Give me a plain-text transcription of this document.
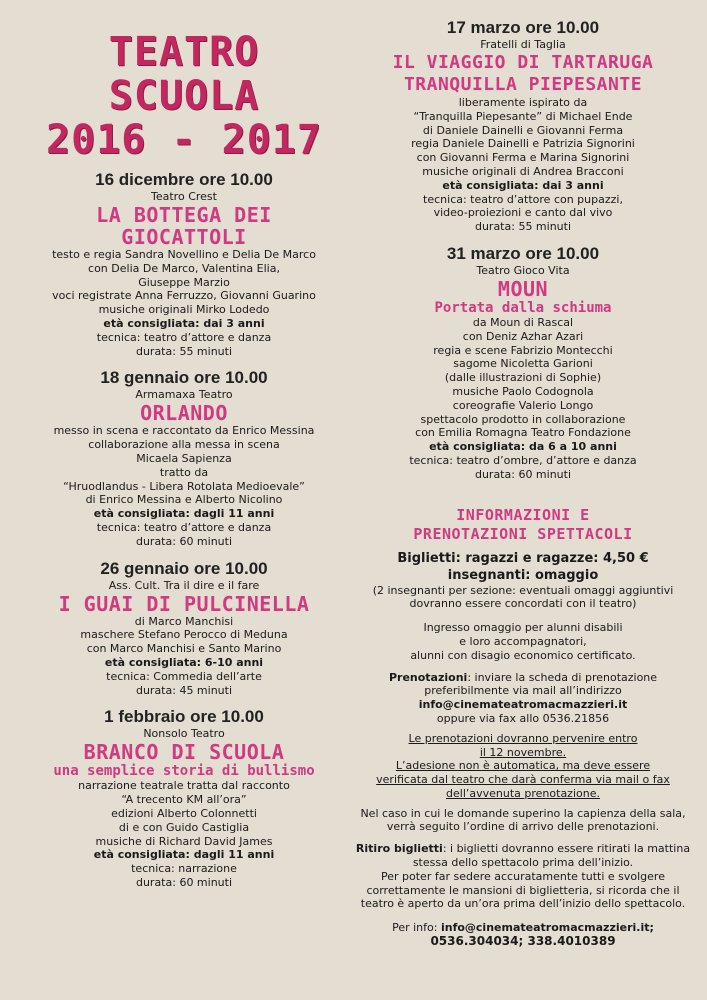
TEATRO
SCUOLA
2016 - 2017
16 dicembre ore 10.00
Teatro Crest
LA BOTTEGA DEI
GIOCATTOLI
testo e regia Sandra Novellino e Delia De Marco
con Delia De Marco, Valentina Elia,
Giuseppe Marzio
voci registrate Anna Ferruzzo, Giovanni Guarino
musiche originali Mirko Lodedo
età consigliata: dai 3 anni
tecnica: teatro d’attore e danza
durata: 55 minuti
18 gennaio ore 10.00
Armamaxa Teatro
ORLANDO
messo in scena e raccontato da Enrico Messina
collaborazione alla messa in scena
Micaela Sapienza
tratto da
“Hruodlandus - Libera Rotolata Medioevale”
di Enrico Messina e Alberto Nicolino
età consigliata: dagli 11 anni
tecnica: teatro d’attore e danza
durata: 60 minuti
26 gennaio ore 10.00
Ass. Cult. Tra il dire e il fare
I GUAI DI PULCINELLA
di Marco Manchisi
maschere Stefano Perocco di Meduna
con Marco Manchisi e Santo Marino
età consigliata: 6-10 anni
tecnica: Commedia dell’arte
durata: 45 minuti
1 febbraio ore 10.00
Nonsolo Teatro
BRANCO DI SCUOLA
una semplice storia di bullismo
narrazione teatrale tratta dal racconto
“A trecento KM all’ora”
edizioni Alberto Colonnetti
di e con Guido Castiglia
musiche di Richard David James
età consigliata: dagli 11 anni
tecnica: narrazione
durata: 60 minuti
17 marzo ore 10.00
Fratelli di Taglia
IL VIAGGIO DI TARTARUGA
TRANQUILLA PIEPESANTE
liberamente ispirato da
“Tranquilla Piepesante” di Michael Ende
di Daniele Dainelli e Giovanni Ferma
regia Daniele Dainelli e Patrizia Signorini
con Giovanni Ferma e Marina Signorini
musiche originali di Andrea Bracconi
età consigliata: dai 3 anni
tecnica: teatro d’attore con pupazzi,
video-proiezioni e canto dal vivo
durata: 55 minuti
31 marzo ore 10.00
Teatro Gioco Vita
MOUN
Portata dalla schiuma
da Moun di Rascal
con Deniz Azhar Azari
regia e scene Fabrizio Montecchi
sagome Nicoletta Garioni
(dalle illustrazioni di Sophie)
musiche Paolo Codognola
coreografie Valerio Longo
spettacolo prodotto in collaborazione
con Emilia Romagna Teatro Fondazione
età consigliata: da 6 a 10 anni
tecnica: teatro d’ombre, d’attore e danza
durata: 60 minuti
INFORMAZIONI E
PRENOTAZIONI SPETTACOLI
Biglietti: ragazzi e ragazze: 4,50 €
insegnanti: omaggio
(2 insegnanti per sezione: eventuali omaggi aggiuntivi
dovranno essere concordati con il teatro)
Ingresso omaggio per alunni disabili
e loro accompagnatori,
alunni con disagio economico certificato.
Prenotazioni: inviare la scheda di prenotazione
preferibilmente via mail all’indirizzo
info@cinemateatromacmazzieri.it
oppure via fax allo 0536.21856
Le prenotazioni dovranno pervenire entro
il 12 novembre.
L’adesione non è automatica, ma deve essere
verificata dal teatro che darà conferma via mail o fax
dell’avvenuta prenotazione.
Nel caso in cui le domande superino la capienza della sala,
verrà seguito l’ordine di arrivo delle prenotazioni.
Ritiro biglietti: i biglietti dovranno essere ritirati la mattina
stessa dello spettacolo prima dell’inizio.
Per poter far sedere accuratamente tutti e svolgere
correttamente le mansioni di biglietteria, si ricorda che il
teatro è aperto da un’ora prima dell’inizio dello spettacolo.
Per info: info@cinemateatromacmazzieri.it;
0536.304034; 338.4010389
